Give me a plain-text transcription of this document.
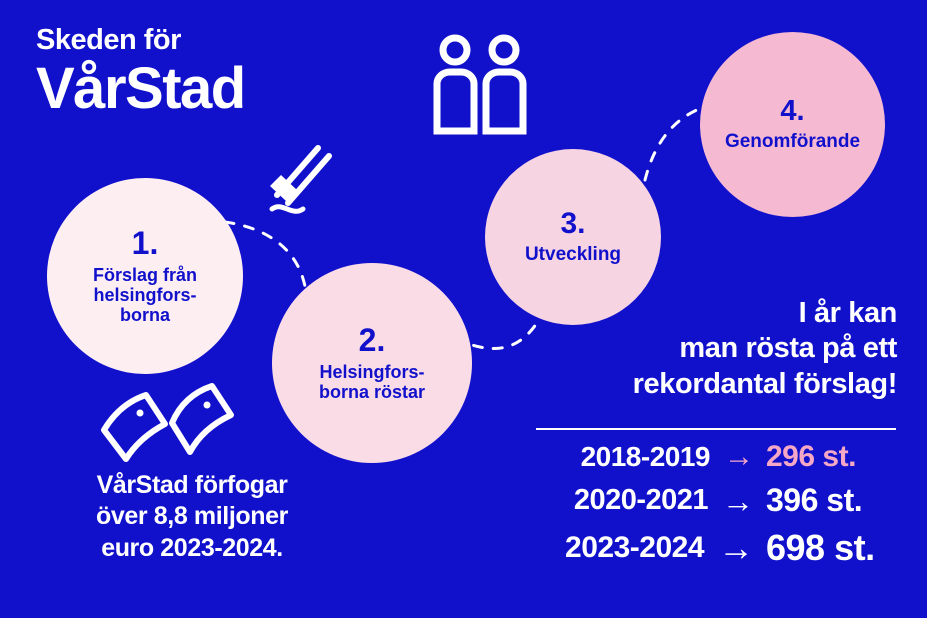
Skeden för
VårStad
1.
Förslag från
helsingfors-
borna
2.
Helsingfors-
borna röstar
3.
Utveckling
4.
Genomförande
I år kan
man rösta på ett
rekordantal förslag!
2018-2019 → 296 st.
2020-2021 → 396 st.
2023-2024 → 698 st.
VårStad förfogar
över 8,8 miljoner
euro 2023-2024.
